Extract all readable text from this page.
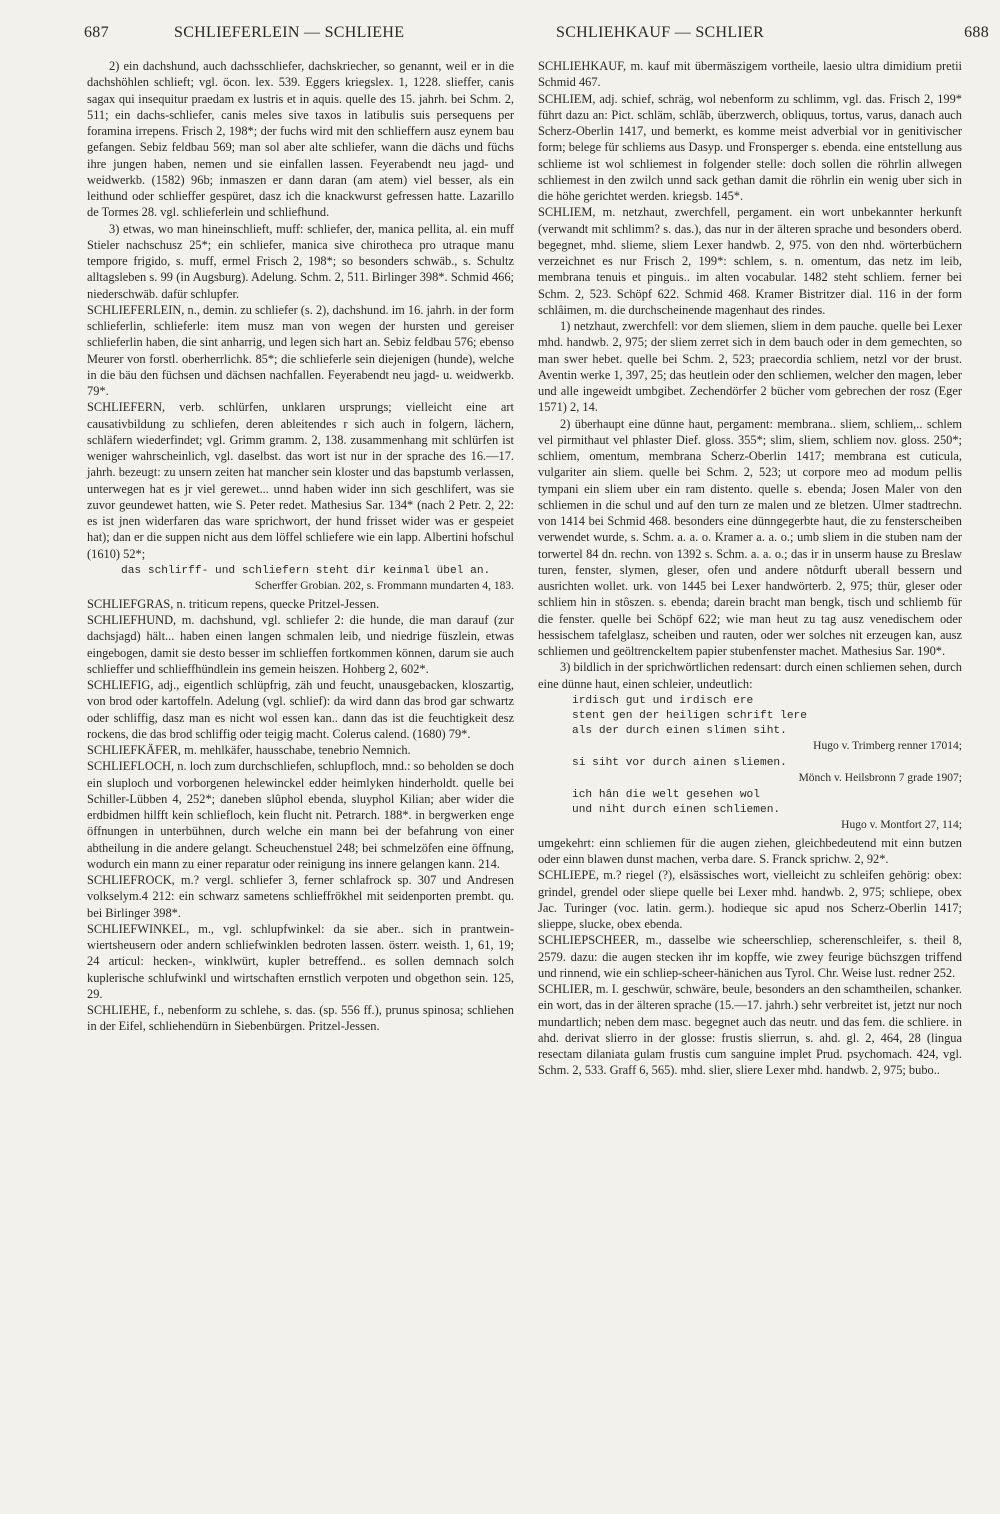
687	SCHLIEFERLEIN — SCHLIEHE	SCHLIEHKAUF — SCHLIER	688

2) ein dachshund, auch dachsschliefer, dachskriecher, so genannt, weil er in die dachshöhlen schlieft; vgl. öcon. lex. 539. Eggers kriegslex. 1, 1228. slieffer, canis sagax qui insequitur praedam ex lustris et in aquis. quelle des 15. jahrh. bei Schm. 2, 511; ein dachs-schliefer, canis meles sive taxos in latibulis suis persequens per foramina irrepens. Frisch 2, 198*; der fuchs wird mit den schlieffern ausz eynem bau gefangen. Sebiz feldbau 569; man sol aber alte schliefer, wann die dächs und füchs ihre jungen haben, nemen und sie einfallen lassen. Feyerabendt neu jagd- und weidwerkb. (1582) 96b; inmaszen er dann daran (am atem) viel besser, als ein leithund oder schlieffer gespüret, dasz ich die knackwurst gefressen hatte. Lazarillo de Tormes 28. vgl. schlieferlein und schliefhund.

3) etwas, wo man hineinschlieft, muff: schliefer, der, manica pellita, al. ein muff Stieler nachschusz 25*; ein schliefer, manica sive chirotheca pro utraque manu tempore frigido, s. muff, ermel Frisch 2, 198*; so besonders schwäb., s. Schultz alltagsleben s. 99 (in Augsburg). Adelung. Schm. 2, 511. Birlinger 398*. Schmid 466; niederschwäb. dafür schlupfer.

SCHLIEFERLEIN, n., demin. zu schliefer (s. 2), dachshund. im 16. jahrh. in der form schlieferlin, schlieferle: item musz man von wegen der hursten und gereiser schlieferlin haben, die sint anharrig, und legen sich hart an. Sebiz feldbau 576; ebenso Meurer von forstl. oberherrlichk. 85*; die schlieferle sein diejenigen (hunde), welche in die bäu den füchsen und dächsen nachfallen. Feyerabendt neu jagd- u. weidwerkb. 79*.

SCHLIEFERN, verb. schlürfen, unklaren ursprungs; vielleicht eine art causativbildung zu schliefen, deren ableitendes r sich auch in folgern, lächern, schläfern wiederfindet; vgl. Grimm gramm. 2, 138. zusammenhang mit schlürfen ist weniger wahrscheinlich, vgl. daselbst. das wort ist nur in der sprache des 16.—17. jahrh. bezeugt: zu unsern zeiten hat mancher sein kloster und das bapstumb verlassen, unterwegen hat es jr viel gerewet... unnd haben wider inn sich geschlifert, was sie zuvor geundewet hatten, wie S. Peter redet. Mathesius Sar. 134* (nach 2 Petr. 2, 22: es ist jnen widerfaren das ware sprichwort, der hund frisset wider was er gespeiet hat); dan er die suppen nicht aus dem löffel schliefere wie ein lapp. Albertini hofschul (1610) 52*;

das schlirff- und schliefern steht dir keinmal übel an.
Scherffer Grobian. 202, s. Frommann mundarten 4, 183.

SCHLIEFGRAS, n. triticum repens, quecke Pritzel-Jessen.

SCHLIEFHUND, m. dachshund, vgl. schliefer 2: die hunde, die man darauf (zur dachsjagd) hält... haben einen langen schmalen leib, und niedrige füszlein, etwas eingebogen, damit sie desto besser im schlieffen fortkommen können, darum sie auch schlieffer und schlieffhündlein ins gemein heiszen. Hohberg 2, 602*.

SCHLIEFIG, adj., eigentlich schlüpfrig, zäh und feucht, unausgebacken, kloszartig, von brod oder kartoffeln. Adelung (vgl. schlief): da wird dann das brod gar schwartz oder schliffig, dasz man es nicht wol essen kan.. dann das ist die feuchtigkeit desz rockens, die das brod schliffig oder teigig macht. Colerus calend. (1680) 79*.

SCHLIEFKÄFER, m. mehlkäfer, hausschabe, tenebrio Nemnich.

SCHLIEFLOCH, n. loch zum durchschliefen, schlupfloch, mnd.: so beholden se doch ein sluploch und vorborgenen helewinckel edder heimlyken hinderholdt. quelle bei Schiller-Lübben 4, 252*; daneben slûphol ebenda, sluyphol Kilian; aber wider die erdbidmen hilfft kein schliefloch, kein flucht nit. Petrarch. 188*. in bergwerken enge öffnungen in unterbühnen, durch welche ein mann bei der befahrung von einer abtheilung in die andere gelangt. Scheuchenstuel 248; bei schmelzöfen eine öffnung, wodurch ein mann zu einer reparatur oder reinigung ins innere gelangen kann. 214.

SCHLIEFROCK, m.? vergl. schliefer 3, ferner schlafrock sp. 307 und Andresen volkselym.4 212: ein schwarz sametens schlieffrökhel mit seidenporten prembt. qu. bei Birlinger 398*.

SCHLIEFWINKEL, m., vgl. schlupfwinkel: da sie aber.. sich in prantwein-wiertsheusern oder andern schliefwinklen bedroten lassen. österr. weisth. 1, 61, 19; 24 articul: hecken-, winklwürt, kupler betreffend.. es sollen demnach solch kuplerische schlufwinkl und wirtschaften ernstlich verpoten und obgethon sein. 125, 29.

SCHLIEHE, f., nebenform zu schlehe, s. das. (sp. 556 ff.), prunus spinosa; schliehen in der Eifel, schliehendürn in Siebenbürgen. Pritzel-Jessen.

SCHLIEHKAUF, m. kauf mit übermäszigem vortheile, laesio ultra dimidium pretii Schmid 467.

SCHLIEM, adj. schief, schräg, wol nebenform zu schlimm, vgl. das. Frisch 2, 199* führt dazu an: Pict. schläm, schlãb, überzwerch, obliquus, tortus, varus, danach auch Scherz-Oberlin 1417, und bemerkt, es komme meist adverbial vor in genitivischer form; belege für schliems aus Dasyp. und Fronsperger s. ebenda. eine entstellung aus schlieme ist wol schliemest in folgender stelle: doch sollen die röhrlin allwegen schliemest in den zwilch unnd sack gethan damit die röhrlin ein wenig uber sich in die höhe gerichtet werden. kriegsb. 145*.

SCHLIEM, m. netzhaut, zwerchfell, pergament. ein wort unbekannter herkunft (verwandt mit schlimm? s. das.), das nur in der älteren sprache und besonders oberd. begegnet, mhd. slieme, sliem Lexer handwb. 2, 975. von den nhd. wörterbüchern verzeichnet es nur Frisch 2, 199*: schlem, s. n. omentum, das netz im leib, membrana tenuis et pinguis.. im alten vocabular. 1482 steht schliem. ferner bei Schm. 2, 523. Schöpf 622. Schmid 468. Kramer Bistritzer dial. 116 in der form schlâimen, m. die durchscheinende magenhaut des rindes.

1) netzhaut, zwerchfell: vor dem sliemen, sliem in dem pauche. quelle bei Lexer mhd. handwb. 2, 975; der sliem zerret sich in dem bauch oder in dem gemechten, so man swer hebet. quelle bei Schm. 2, 523; praecordia schliem, netzl vor der brust. Aventin werke 1, 397, 25; das heutlein oder den schliemen, welcher den magen, leber und alle ingeweidt umbgibet. Zechendörfer 2 bücher vom gebrechen der rosz (Eger 1571) 2, 14.

2) überhaupt eine dünne haut, pergament: membrana.. sliem, schliem,.. schlem vel pirmithaut vel phlaster Dief. gloss. 355*; slim, sliem, schliem nov. gloss. 250*; schliem, omentum, membrana Scherz-Oberlin 1417; membrana est cuticula, vulgariter ain sliem. quelle bei Schm. 2, 523; ut corpore meo ad modum pellis tympani ein sliem uber ein ram distento. quelle s. ebenda; Josen Maler von den schliemen in die schul und auf den turn ze malen und ze bletzen. Ulmer stadtrechn. von 1414 bei Schmid 468. besonders eine dünngegerbte haut, die zu fensterscheiben verwendet wurde, s. Schm. a. a. o. Kramer a. a. o.; umb sliem in die stuben nam der torwertel 84 dn. rechn. von 1392 s. Schm. a. a. o.; das ir in unserm hause zu Breslaw turen, fenster, slymen, gleser, ofen und andere nôtdurft uberall bessern und ausrichten wollet. urk. von 1445 bei Lexer handwörterb. 2, 975; thür, gleser oder schliem hin in stôszen. s. ebenda; darein bracht man bengk, tisch und schliemb für die fenster. quelle bei Schöpf 622; wie man heut zu tag ausz venedischem oder hessischem tafelglasz, scheiben und rauten, oder wer solches nit erzeugen kan, ausz schliemen und geöltrenckeltem papier stubenfenster machet. Mathesius Sar. 190*.

3) bildlich in der sprichwörtlichen redensart: durch einen schliemen sehen, durch eine dünne haut, einen schleier, undeutlich:

irdisch gut und irdisch ere
stent gen der heiligen schrift lere
als der durch einen slimen siht.
Hugo v. Trimberg renner 17014;
si siht vor durch ainen sliemen.
Mönch v. Heilsbronn 7 grade 1907;
ich hân die welt gesehen wol
und niht durch einen schliemen.
Hugo v. Montfort 27, 114;

umgekehrt: einn schliemen für die augen ziehen, gleichbedeutend mit einn butzen oder einn blawen dunst machen, verba dare. S. Franck sprichw. 2, 92*.

SCHLIEPE, m.? riegel (?), elsässisches wort, vielleicht zu schleifen gehörig: obex: grindel, grendel oder sliepe quelle bei Lexer mhd. handwb. 2, 975; schliepe, obex Jac. Turinger (voc. latin. germ.). hodieque sic apud nos Scherz-Oberlin 1417; slieppe, slucke, obex ebenda.

SCHLIEPSCHEER, m., dasselbe wie scheerschliep, scherenschleifer, s. theil 8, 2579. dazu: die augen stecken ihr im kopffe, wie zwey feurige büchszgen triffend und rinnend, wie ein schliep-scheer-hänichen aus Tyrol. Chr. Weise lust. redner 252.

SCHLIER, m. I. geschwür, schwäre, beule, besonders an den schamtheilen, schanker. ein wort, das in der älteren sprache (15.—17. jahrh.) sehr verbreitet ist, jetzt nur noch mundartlich; neben dem masc. begegnet auch das neutr. und das fem. die schliere. in ahd. derivat slierro in der glosse: frustis slierrun, s. ahd. gl. 2, 464, 28 (lingua resectam dilaniata gulam frustis cum sanguine implet Prud. psychomach. 424, vgl. Schm. 2, 533. Graff 6, 565). mhd. slier, sliere Lexer mhd. handwb. 2, 975; bubo..
